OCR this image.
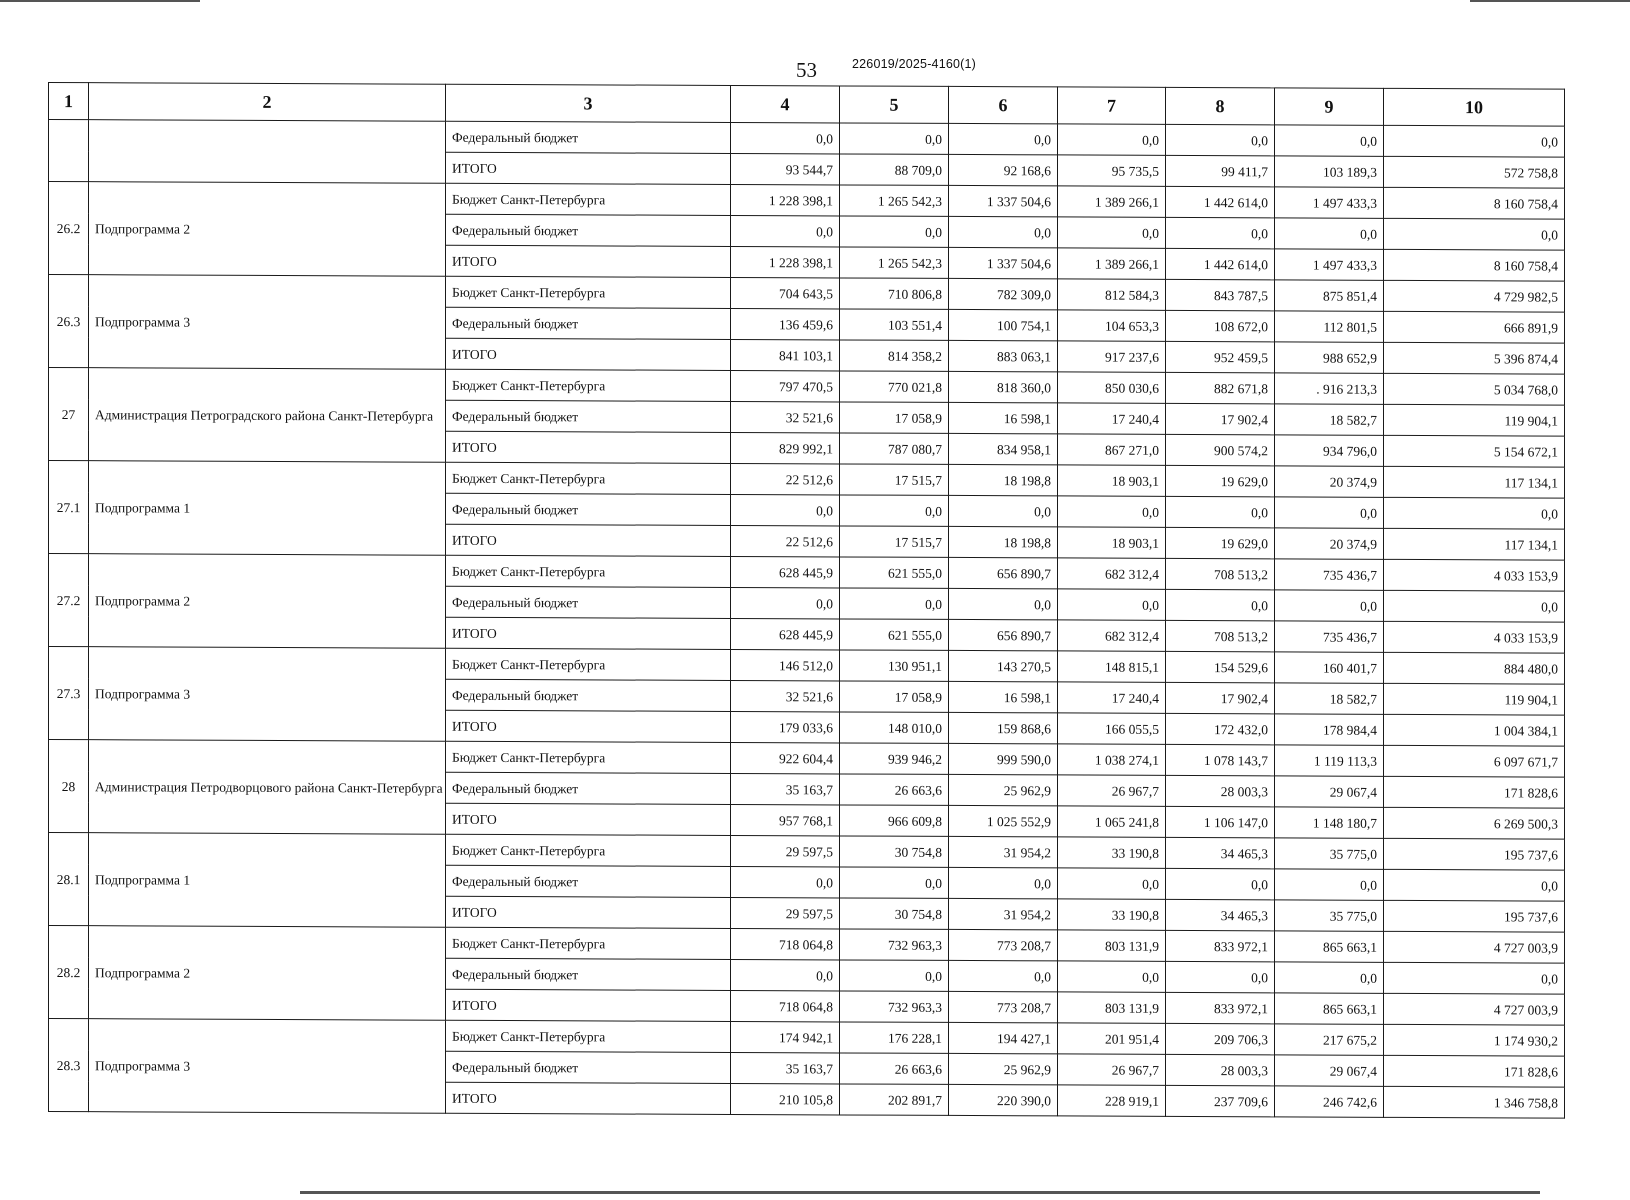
53	226019/2025-4160(1)
1	2	3	4	5	6	7	8	9	10
		Федеральный бюджет	0,0	0,0	0,0	0,0	0,0	0,0	0,0
		ИТОГО	93 544,7	88 709,0	92 168,6	95 735,5	99 411,7	103 189,3	572 758,8
26.2	Подпрограмма 2	Бюджет Санкт-Петербурга	1 228 398,1	1 265 542,3	1 337 504,6	1 389 266,1	1 442 614,0	1 497 433,3	8 160 758,4
		Федеральный бюджет	0,0	0,0	0,0	0,0	0,0	0,0	0,0
		ИТОГО	1 228 398,1	1 265 542,3	1 337 504,6	1 389 266,1	1 442 614,0	1 497 433,3	8 160 758,4
26.3	Подпрограмма 3	Бюджет Санкт-Петербурга	704 643,5	710 806,8	782 309,0	812 584,3	843 787,5	875 851,4	4 729 982,5
		Федеральный бюджет	136 459,6	103 551,4	100 754,1	104 653,3	108 672,0	112 801,5	666 891,9
		ИТОГО	841 103,1	814 358,2	883 063,1	917 237,6	952 459,5	988 652,9	5 396 874,4
27	Администрация Петроградского района Санкт-Петербурга	Бюджет Санкт-Петербурга	797 470,5	770 021,8	818 360,0	850 030,6	882 671,8	. 916 213,3	5 034 768,0
		Федеральный бюджет	32 521,6	17 058,9	16 598,1	17 240,4	17 902,4	18 582,7	119 904,1
		ИТОГО	829 992,1	787 080,7	834 958,1	867 271,0	900 574,2	934 796,0	5 154 672,1
27.1	Подпрограмма 1	Бюджет Санкт-Петербурга	22 512,6	17 515,7	18 198,8	18 903,1	19 629,0	20 374,9	117 134,1
		Федеральный бюджет	0,0	0,0	0,0	0,0	0,0	0,0	0,0
		ИТОГО	22 512,6	17 515,7	18 198,8	18 903,1	19 629,0	20 374,9	117 134,1
27.2	Подпрограмма 2	Бюджет Санкт-Петербурга	628 445,9	621 555,0	656 890,7	682 312,4	708 513,2	735 436,7	4 033 153,9
		Федеральный бюджет	0,0	0,0	0,0	0,0	0,0	0,0	0,0
		ИТОГО	628 445,9	621 555,0	656 890,7	682 312,4	708 513,2	735 436,7	4 033 153,9
27.3	Подпрограмма 3	Бюджет Санкт-Петербурга	146 512,0	130 951,1	143 270,5	148 815,1	154 529,6	160 401,7	884 480,0
		Федеральный бюджет	32 521,6	17 058,9	16 598,1	17 240,4	17 902,4	18 582,7	119 904,1
		ИТОГО	179 033,6	148 010,0	159 868,6	166 055,5	172 432,0	178 984,4	1 004 384,1
28	Администрация Петродворцового района Санкт-Петербурга	Бюджет Санкт-Петербурга	922 604,4	939 946,2	999 590,0	1 038 274,1	1 078 143,7	1 119 113,3	6 097 671,7
		Федеральный бюджет	35 163,7	26 663,6	25 962,9	26 967,7	28 003,3	29 067,4	171 828,6
		ИТОГО	957 768,1	966 609,8	1 025 552,9	1 065 241,8	1 106 147,0	1 148 180,7	6 269 500,3
28.1	Подпрограмма 1	Бюджет Санкт-Петербурга	29 597,5	30 754,8	31 954,2	33 190,8	34 465,3	35 775,0	195 737,6
		Федеральный бюджет	0,0	0,0	0,0	0,0	0,0	0,0	0,0
		ИТОГО	29 597,5	30 754,8	31 954,2	33 190,8	34 465,3	35 775,0	195 737,6
28.2	Подпрограмма 2	Бюджет Санкт-Петербурга	718 064,8	732 963,3	773 208,7	803 131,9	833 972,1	865 663,1	4 727 003,9
		Федеральный бюджет	0,0	0,0	0,0	0,0	0,0	0,0	0,0
		ИТОГО	718 064,8	732 963,3	773 208,7	803 131,9	833 972,1	865 663,1	4 727 003,9
28.3	Подпрограмма 3	Бюджет Санкт-Петербурга	174 942,1	176 228,1	194 427,1	201 951,4	209 706,3	217 675,2	1 174 930,2
		Федеральный бюджет	35 163,7	26 663,6	25 962,9	26 967,7	28 003,3	29 067,4	171 828,6
		ИТОГО	210 105,8	202 891,7	220 390,0	228 919,1	237 709,6	246 742,6	1 346 758,8
